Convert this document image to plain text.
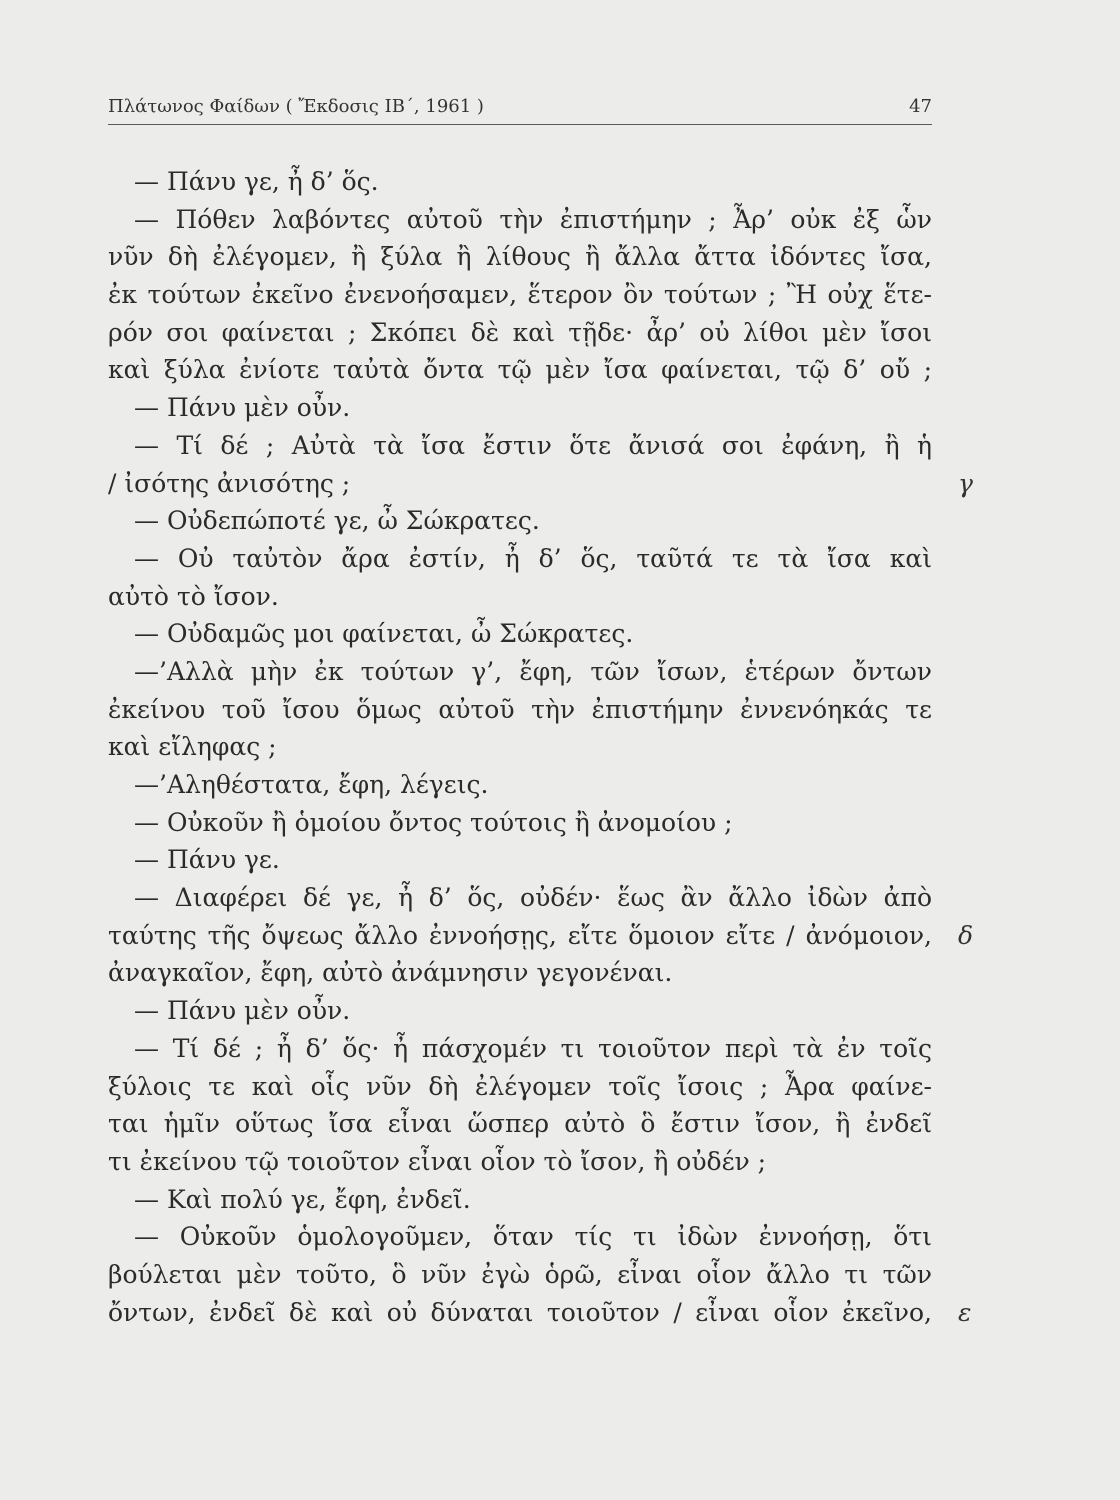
Πλάτωνος Φαίδων ( Ἔκδοσις ΙΒ΄, 1961 )	47
— Πάνυ γε, ἦ δ’ ὅς.
— Πόθεν λαβόντες αὐτοῦ τὴν ἐπιστήμην ; Ἆρ’ οὐκ ἐξ ὧν
νῦν δὴ ἐλέγομεν, ἢ ξύλα ἢ λίθους ἢ ἄλλα ἄττα ἰδόντες ἴσα,
ἐκ τούτων ἐκεῖνο ἐνενοήσαμεν, ἕτερον ὂν τούτων ; Ἢ οὐχ ἕτε-
ρόν σοι φαίνεται ; Σκόπει δὲ καὶ τῇδε· ἆρ’ οὐ λίθοι μὲν ἴσοι
καὶ ξύλα ἐνίοτε ταὐτὰ ὄντα τῷ μὲν ἴσα φαίνεται, τῷ δ’ οὔ ;
— Πάνυ μὲν οὖν.
— Τί δέ ; Αὐτὰ τὰ ἴσα ἔστιν ὅτε ἄνισά σοι ἐφάνη, ἢ ἡ
/ ἰσότης ἀνισότης ;	γ
— Οὐδεπώποτέ γε, ὦ Σώκρατες.
— Οὐ ταὐτὸν ἄρα ἐστίν, ἦ δ’ ὅς, ταῦτά τε τὰ ἴσα καὶ
αὐτὸ τὸ ἴσον.
— Οὐδαμῶς μοι φαίνεται, ὦ Σώκρατες.
—’Αλλὰ μὴν ἐκ τούτων γ’, ἔφη, τῶν ἴσων, ἑτέρων ὄντων
ἐκείνου τοῦ ἴσου ὅμως αὐτοῦ τὴν ἐπιστήμην ἐννενόηκάς τε
καὶ εἴληφας ;
—’Αληθέστατα, ἔφη, λέγεις.
— Οὐκοῦν ἢ ὁμοίου ὄντος τούτοις ἢ ἀνομοίου ;
— Πάνυ γε.
— Διαφέρει δέ γε, ἦ δ’ ὅς, οὐδέν· ἕως ἂν ἄλλο ἰδὼν ἀπὸ
ταύτης τῆς ὄψεως ἄλλο ἐννοήσῃς, εἴτε ὅμοιον εἴτε / ἀνόμοιον, δ
ἀναγκαῖον, ἔφη, αὐτὸ ἀνάμνησιν γεγονέναι.
— Πάνυ μὲν οὖν.
— Τί δέ ; ἦ δ’ ὅς· ἦ πάσχομέν τι τοιοῦτον περὶ τὰ ἐν τοῖς
ξύλοις τε καὶ οἷς νῦν δὴ ἐλέγομεν τοῖς ἴσοις ; Ἆρα φαίνε-
ται ἡμῖν οὕτως ἴσα εἶναι ὥσπερ αὐτὸ ὃ ἔστιν ἴσον, ἢ ἐνδεῖ
τι ἐκείνου τῷ τοιοῦτον εἶναι οἷον τὸ ἴσον, ἢ οὐδέν ;
— Καὶ πολύ γε, ἔφη, ἐνδεῖ.
— Οὐκοῦν ὁμολογοῦμεν, ὅταν τίς τι ἰδὼν ἐννοήσῃ, ὅτι
βούλεται μὲν τοῦτο, ὃ νῦν ἐγὼ ὁρῶ, εἶναι οἷον ἄλλο τι τῶν
ὄντων, ἐνδεῖ δὲ καὶ οὐ δύναται τοιοῦτον / εἶναι οἷον ἐκεῖνο, ε
